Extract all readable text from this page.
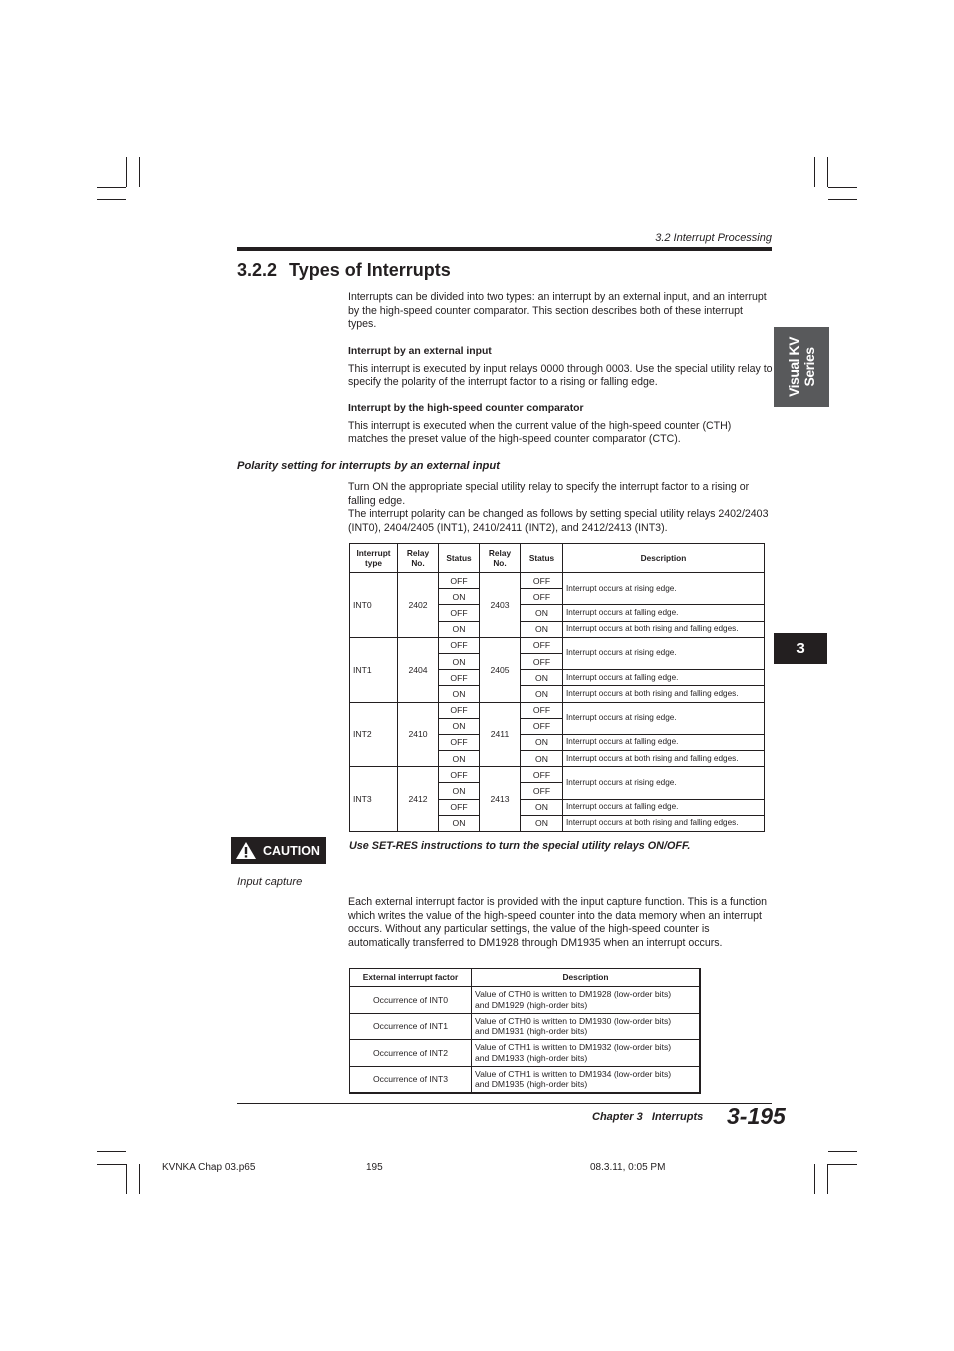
3.2 Interrupt Processing
3.2.2 Types of Interrupts
Visual KV
Series
3

Interrupts can be divided into two types: an interrupt by an external input, and an interrupt by the high-speed counter comparator. This section describes both of these interrupt types.

Interrupt by an external input

This interrupt is executed by input relays 0000 through 0003. Use the special utility relay to specify the polarity of the interrupt factor to a rising or falling edge.

Interrupt by the high-speed counter comparator

This interrupt is executed when the current value of the high-speed counter (CTH) matches the preset value of the high-speed counter comparator (CTC).

Polarity setting for interrupts by an external input

Turn ON the appropriate special utility relay to specify the interrupt factor to a rising or falling edge.

The interrupt polarity can be changed as follows by setting special utility relays 2402/2403 (INT0), 2404/2405 (INT1), 2410/2411 (INT2), and 2412/2413 (INT3).

Interrupt type	Relay No.	Status	Relay No.	Status	Description
INT0	2402	OFF	2403	OFF	Interrupt occurs at rising edge.
		ON		OFF	
		OFF		ON	Interrupt occurs at falling edge.
		ON		ON	Interrupt occurs at both rising and falling edges.
INT1	2404	OFF	2405	OFF	Interrupt occurs at rising edge.
		ON		OFF	
		OFF		ON	Interrupt occurs at falling edge.
		ON		ON	Interrupt occurs at both rising and falling edges.
INT2	2410	OFF	2411	OFF	Interrupt occurs at rising edge.
		ON		OFF	
		OFF		ON	Interrupt occurs at falling edge.
		ON		ON	Interrupt occurs at both rising and falling edges.
INT3	2412	OFF	2413	OFF	Interrupt occurs at rising edge.
		ON		OFF	
		OFF		ON	Interrupt occurs at falling edge.
		ON		ON	Interrupt occurs at both rising and falling edges.
CAUTION	Use SET-RES instructions to turn the special utility relays ON/OFF.
Input capture

Each external interrupt factor is provided with the input capture function. This is a function which writes the value of the high-speed counter into the data memory when an interrupt occurs. Without any particular settings, the value of the high-speed counter is automatically transferred to DM1928 through DM1935 when an interrupt occurs.

External interrupt factor	Description
Occurrence of INT0	Value of CTH0 is written to DM1928 (low-order bits)
and DM1929 (high-order bits)
Occurrence of INT1	Value of CTH0 is written to DM1930 (low-order bits)
and DM1931 (high-order bits)
Occurrence of INT2	Value of CTH1 is written to DM1932 (low-order bits)
and DM1933 (high-order bits)
Occurrence of INT3	Value of CTH1 is written to DM1934 (low-order bits)
and DM1935 (high-order bits)
Chapter 3 Interrupts 3-195
KVNKA Chap 03.p65	195	08.3.11, 0:05 PM
